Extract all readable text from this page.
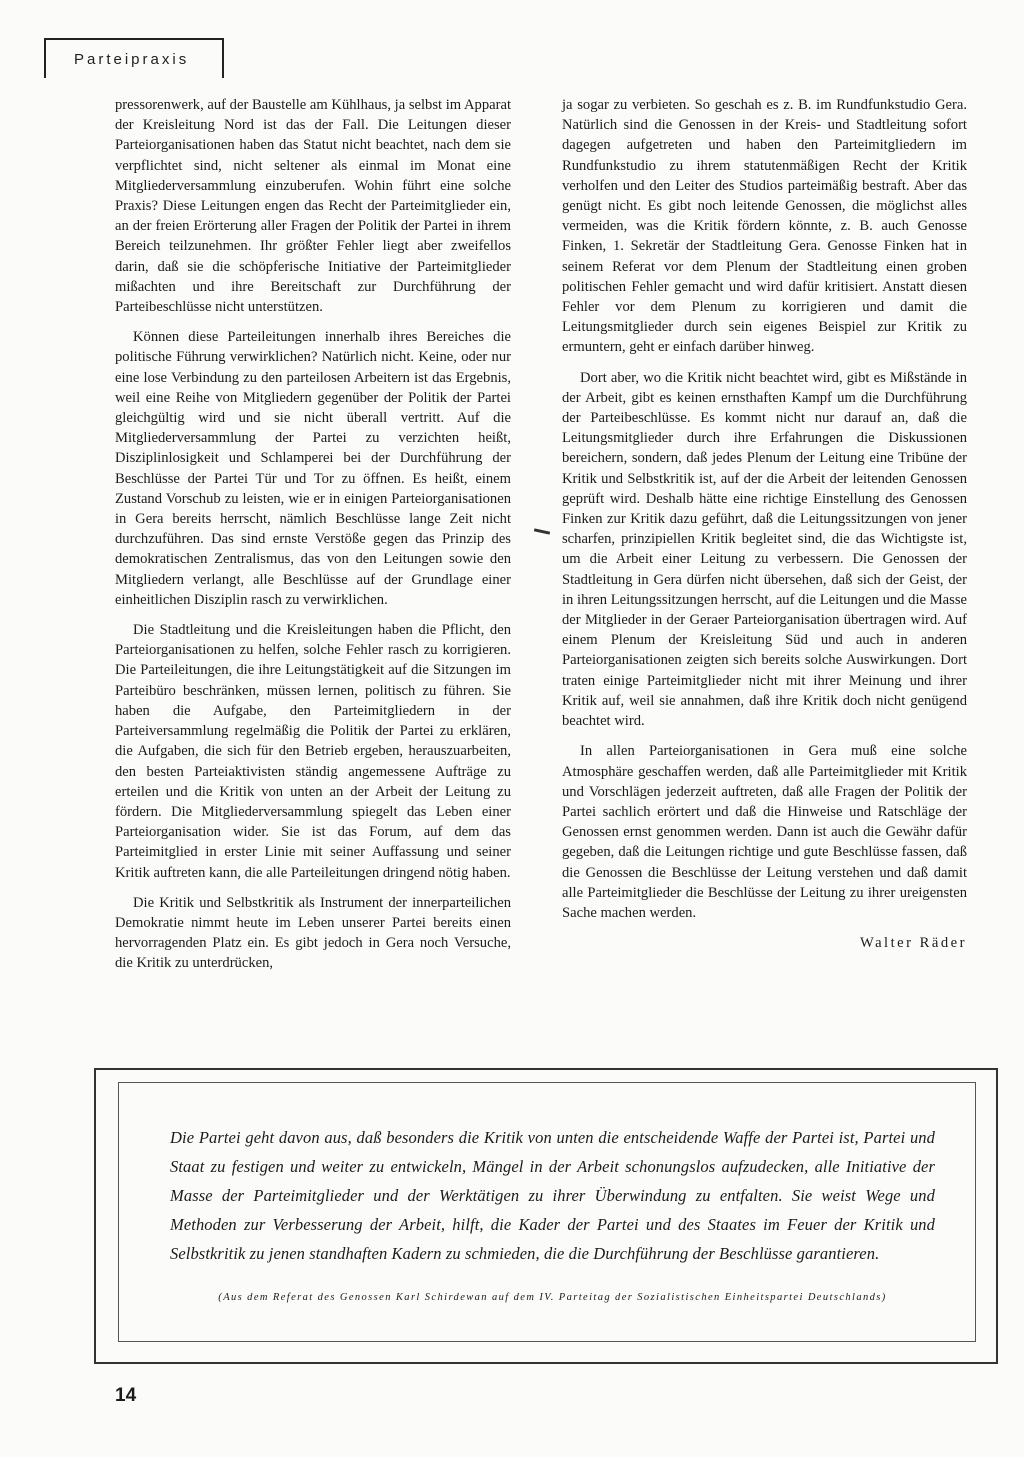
Parteipraxis

pressorenwerk, auf der Baustelle am Kühlhaus, ja selbst im Apparat der Kreisleitung Nord ist das der Fall. Die Leitungen dieser Parteiorganisationen haben das Statut nicht beachtet, nach dem sie verpflichtet sind, nicht seltener als einmal im Monat eine Mitgliederversammlung einzuberufen. Wohin führt eine solche Praxis? Diese Leitungen engen das Recht der Parteimitglieder ein, an der freien Erörterung aller Fragen der Politik der Partei in ihrem Bereich teilzunehmen. Ihr größter Fehler liegt aber zweifellos darin, daß sie die schöpferische Initiative der Parteimitglieder mißachten und ihre Bereitschaft zur Durchführung der Parteibeschlüsse nicht unterstützen.

Können diese Parteileitungen innerhalb ihres Bereiches die politische Führung verwirklichen? Natürlich nicht. Keine, oder nur eine lose Verbindung zu den parteilosen Arbeitern ist das Ergebnis, weil eine Reihe von Mitgliedern gegenüber der Politik der Partei gleichgültig wird und sie nicht überall vertritt. Auf die Mitgliederversammlung der Partei zu verzichten heißt, Disziplinlosigkeit und Schlamperei bei der Durchführung der Beschlüsse der Partei Tür und Tor zu öffnen. Es heißt, einem Zustand Vorschub zu leisten, wie er in einigen Parteiorganisationen in Gera bereits herrscht, nämlich Beschlüsse lange Zeit nicht durchzuführen. Das sind ernste Verstöße gegen das Prinzip des demokratischen Zentralismus, das von den Leitungen sowie den Mitgliedern verlangt, alle Beschlüsse auf der Grundlage einer einheitlichen Disziplin rasch zu verwirklichen.

Die Stadtleitung und die Kreisleitungen haben die Pflicht, den Parteiorganisationen zu helfen, solche Fehler rasch zu korrigieren. Die Parteileitungen, die ihre Leitungstätigkeit auf die Sitzungen im Parteibüro beschränken, müssen lernen, politisch zu führen. Sie haben die Aufgabe, den Parteimitgliedern in der Parteiversammlung regelmäßig die Politik der Partei zu erklären, die Aufgaben, die sich für den Betrieb ergeben, herauszuarbeiten, den besten Parteiaktivisten ständig angemessene Aufträge zu erteilen und die Kritik von unten an der Arbeit der Leitung zu fördern. Die Mitgliederversammlung spiegelt das Leben einer Parteiorganisation wider. Sie ist das Forum, auf dem das Parteimitglied in erster Linie mit seiner Auffassung und seiner Kritik auftreten kann, die alle Parteileitungen dringend nötig haben.

Die Kritik und Selbstkritik als Instrument der innerparteilichen Demokratie nimmt heute im Leben unserer Partei bereits einen hervorragenden Platz ein. Es gibt jedoch in Gera noch Versuche, die Kritik zu unterdrücken,

ja sogar zu verbieten. So geschah es z. B. im Rundfunkstudio Gera. Natürlich sind die Genossen in der Kreis- und Stadtleitung sofort dagegen aufgetreten und haben den Parteimitgliedern im Rundfunkstudio zu ihrem statutenmäßigen Recht der Kritik verholfen und den Leiter des Studios parteimäßig bestraft. Aber das genügt nicht. Es gibt noch leitende Genossen, die möglichst alles vermeiden, was die Kritik fördern könnte, z. B. auch Genosse Finken, 1. Sekretär der Stadtleitung Gera. Genosse Finken hat in seinem Referat vor dem Plenum der Stadtleitung einen groben politischen Fehler gemacht und wird dafür kritisiert. Anstatt diesen Fehler vor dem Plenum zu korrigieren und damit die Leitungsmitglieder durch sein eigenes Beispiel zur Kritik zu ermuntern, geht er einfach darüber hinweg.

Dort aber, wo die Kritik nicht beachtet wird, gibt es Mißstände in der Arbeit, gibt es keinen ernsthaften Kampf um die Durchführung der Parteibeschlüsse. Es kommt nicht nur darauf an, daß die Leitungsmitglieder durch ihre Erfahrungen die Diskussionen bereichern, sondern, daß jedes Plenum der Leitung eine Tribüne der Kritik und Selbstkritik ist, auf der die Arbeit der leitenden Genossen geprüft wird. Deshalb hätte eine richtige Einstellung des Genossen Finken zur Kritik dazu geführt, daß die Leitungssitzungen von jener scharfen, prinzipiellen Kritik begleitet sind, die das Wichtigste ist, um die Arbeit einer Leitung zu verbessern. Die Genossen der Stadtleitung in Gera dürfen nicht übersehen, daß sich der Geist, der in ihren Leitungssitzungen herrscht, auf die Leitungen und die Masse der Mitglieder in der Geraer Parteiorganisation übertragen wird. Auf einem Plenum der Kreisleitung Süd und auch in anderen Parteiorganisationen zeigten sich bereits solche Auswirkungen. Dort traten einige Parteimitglieder nicht mit ihrer Meinung und ihrer Kritik auf, weil sie annahmen, daß ihre Kritik doch nicht genügend beachtet wird.

In allen Parteiorganisationen in Gera muß eine solche Atmosphäre geschaffen werden, daß alle Parteimitglieder mit Kritik und Vorschlägen jederzeit auftreten, daß alle Fragen der Politik der Partei sachlich erörtert und daß die Hinweise und Ratschläge der Genossen ernst genommen werden. Dann ist auch die Gewähr dafür gegeben, daß die Leitungen richtige und gute Beschlüsse fassen, daß die Genossen die Beschlüsse der Leitung verstehen und daß damit alle Parteimitglieder die Beschlüsse der Leitung zu ihrer ureigensten Sache machen werden.

Walter Räder
Die Partei geht davon aus, daß besonders die Kritik von unten die entscheidende Waffe der Partei ist, Partei und Staat zu festigen und weiter zu entwickeln, Mängel in der Arbeit schonungslos aufzudecken, alle Initiative der Masse der Parteimitglieder und der Werktätigen zu ihrer Überwindung zu entfalten. Sie weist Wege und Methoden zur Verbesserung der Arbeit, hilft, die Kader der Partei und des Staates im Feuer der Kritik und Selbstkritik zu jenen standhaften Kadern zu schmieden, die die Durchführung der Beschlüsse garantieren.
(Aus dem Referat des Genossen Karl Schirdewan auf dem IV. Parteitag der Sozialistischen Einheitspartei Deutschlands)
14
